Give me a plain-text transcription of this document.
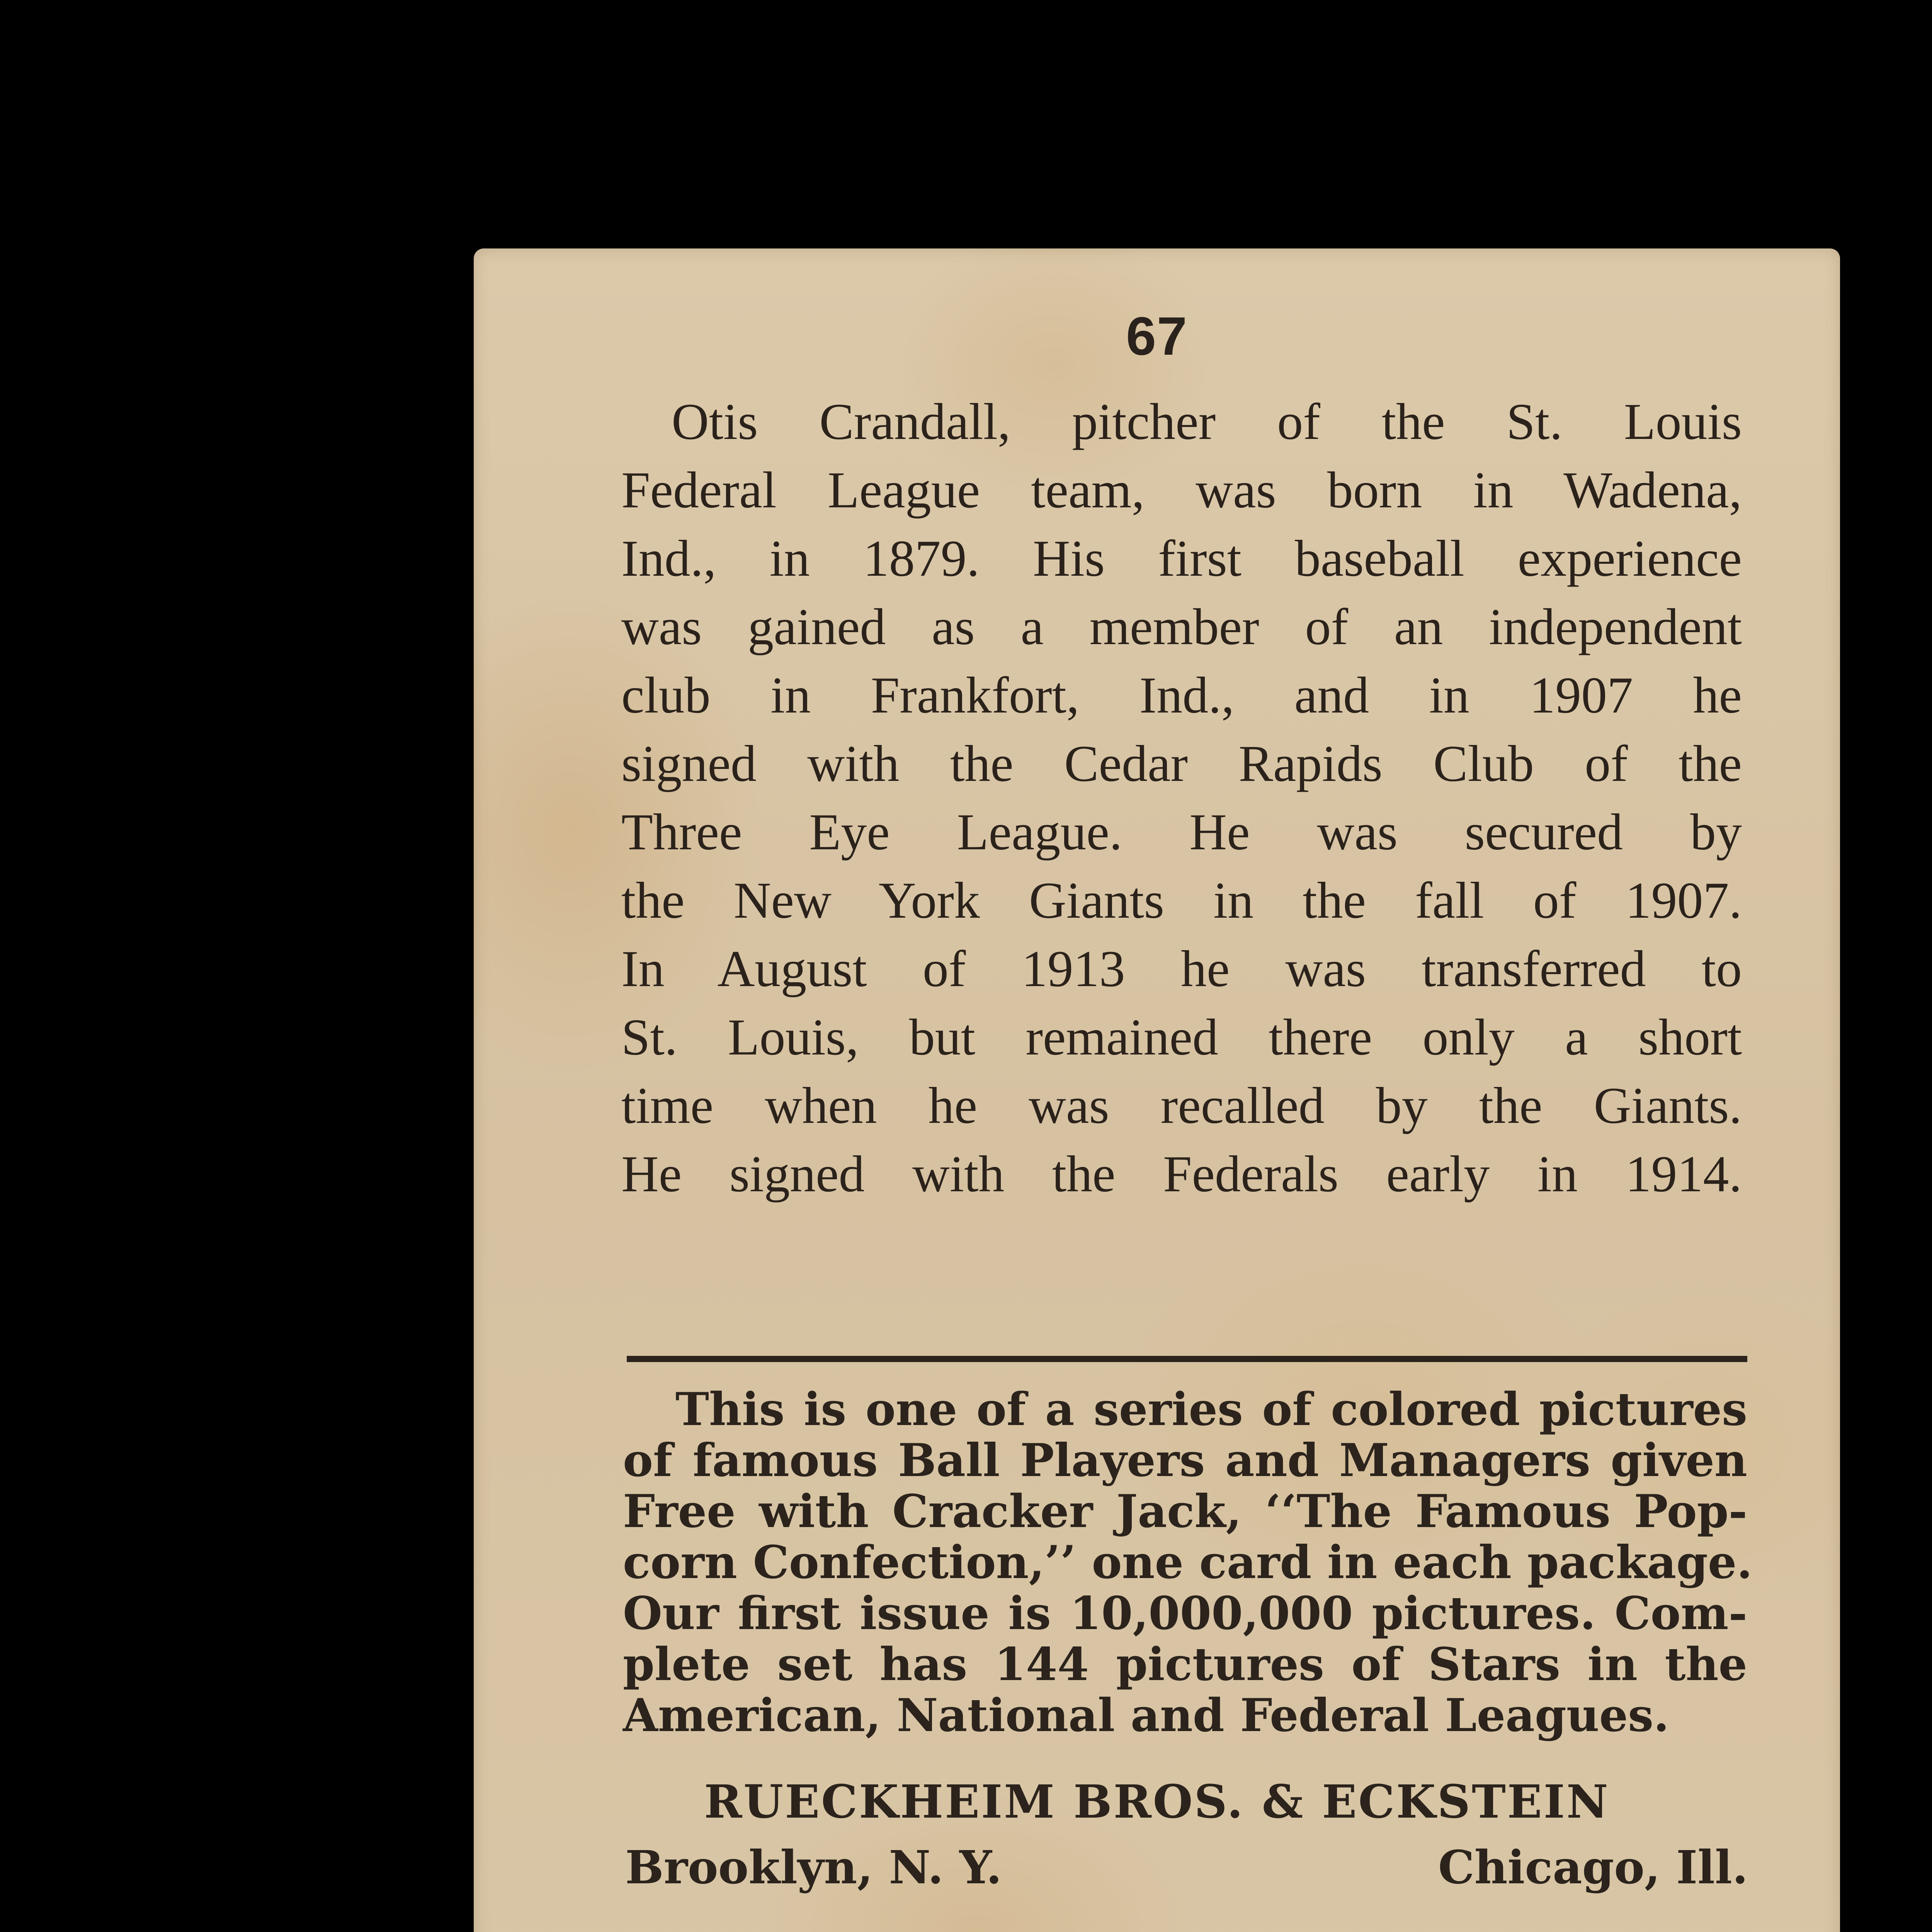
67
Otis Crandall, pitcher of the St. Louis
Federal League team, was born in Wadena,
Ind., in 1879. His first baseball experience
was gained as a member of an independent
club in Frankfort, Ind., and in 1907 he
signed with the Cedar Rapids Club of the
Three Eye League. He was secured by
the New York Giants in the fall of 1907.
In August of 1913 he was transferred to
St. Louis, but remained there only a short
time when he was recalled by the Giants.
He signed with the Federals early in 1914.
This is one of a series of colored pictures
of famous Ball Players and Managers given
Free with Cracker Jack, ‘‘The Famous Pop-
corn Confection,’’ one card in each package.
Our first issue is 10,000,000 pictures. Com-
plete set has 144 pictures of Stars in the
American, National and Federal Leagues.
RUECKHEIM BROS. & ECKSTEIN
Brooklyn, N. Y.	Chicago, Ill.
